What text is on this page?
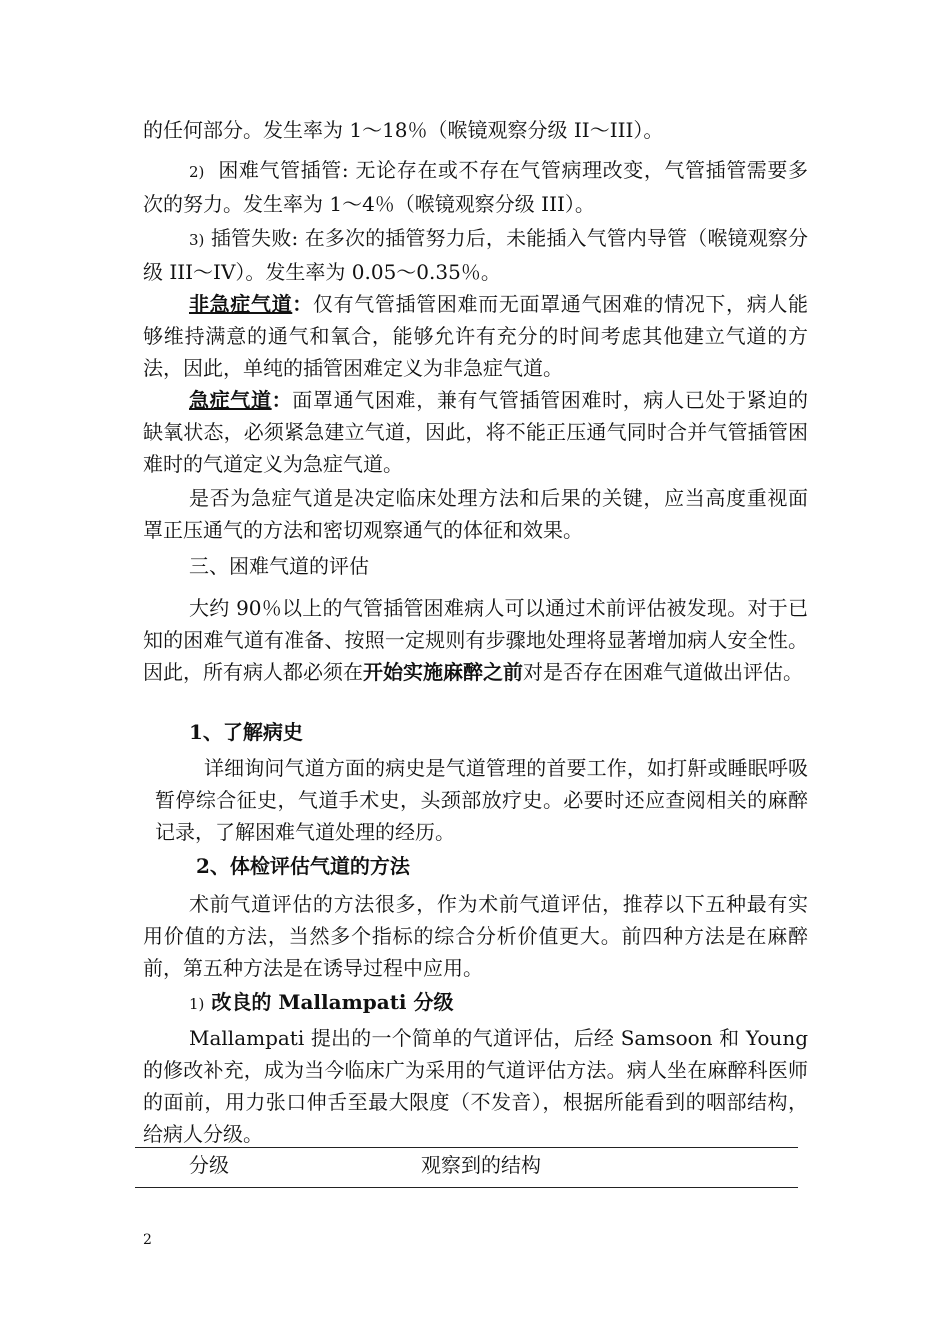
的任何部分。发生率为 1～18％（喉镜观察分级 II～III）。

2) 困难气管插管: 无论存在或不存在气管病理改变，气管插管需要多次的努力。发生率为 1～4％（喉镜观察分级 III）。

3) 插管失败: 在多次的插管努力后，未能插入气管内导管（喉镜观察分级 III～IV）。发生率为 0.05～0.35％。

非急症气道：仅有气管插管困难而无面罩通气困难的情况下，病人能够维持满意的通气和氧合，能够允许有充分的时间考虑其他建立气道的方法，因此，单纯的插管困难定义为非急症气道。

急症气道：面罩通气困难，兼有气管插管困难时，病人已处于紧迫的缺氧状态，必须紧急建立气道，因此，将不能正压通气同时合并气管插管困难时的气道定义为急症气道。

是否为急症气道是决定临床处理方法和后果的关键，应当高度重视面罩正压通气的方法和密切观察通气的体征和效果。

三、困难气道的评估

大约 90％以上的气管插管困难病人可以通过术前评估被发现。对于已知的困难气道有准备、按照一定规则有步骤地处理将显著增加病人安全性。因此，所有病人都必须在开始实施麻醉之前对是否存在困难气道做出评估。

1、了解病史

详细询问气道方面的病史是气道管理的首要工作，如打鼾或睡眠呼吸暂停综合征史，气道手术史，头颈部放疗史。必要时还应查阅相关的麻醉记录，了解困难气道处理的经历。

2、体检评估气道的方法

术前气道评估的方法很多，作为术前气道评估，推荐以下五种最有实用价值的方法，当然多个指标的综合分析价值更大。前四种方法是在麻醉前，第五种方法是在诱导过程中应用。

1) 改良的 Mallampati 分级

Mallampati 提出的一个简单的气道评估，后经 Samsoon 和 Young 的修改补充，成为当今临床广为采用的气道评估方法。病人坐在麻醉科医师的面前，用力张口伸舌至最大限度（不发音），根据所能看到的咽部结构，给病人分级。

分级	观察到的结构
2
